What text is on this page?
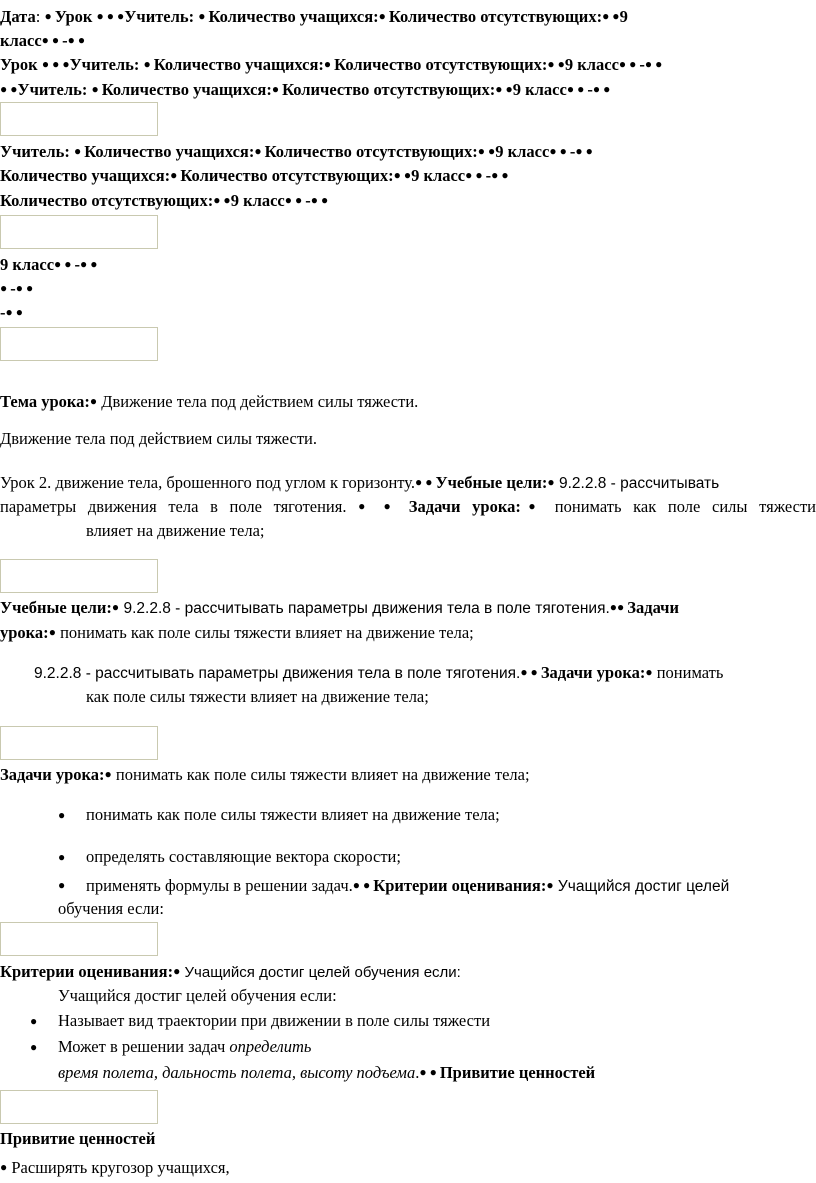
Дата: ● Урок ● ● ●Учитель: ● Количество учащихся:● Количество отсутствующих:● ●9
класс● ● -● ●
Урок ● ● ●Учитель: ● Количество учащихся:● Количество отсутствующих:● ●9 класс● ● -● ●
● ●Учитель: ● Количество учащихся:● Количество отсутствующих:● ●9 класс● ● -● ●
Учитель: ● Количество учащихся:● Количество отсутствующих:● ●9 класс● ● -● ●
Количество учащихся:● Количество отсутствующих:● ●9 класс● ● -● ●
Количество отсутствующих:● ●9 класс● ● -● ●
9 класс● ● -● ●
● -● ●
-● ●
Тема урока:● Движение тела под действием силы тяжести.
Движение тела под действием силы тяжести.
Урок 2. движение тела, брошенного под углом к горизонту.● ● Учебные цели:● 9.2.2.8 - рассчитывать
параметры движения тела в поле тяготения. ● ● Задачи урока:● понимать как поле силы тяжести
влияет на движение тела;
Учебные цели:● 9.2.2.8 - рассчитывать параметры движения тела в поле тяготения.●● Задачи
урока:● понимать как поле силы тяжести влияет на движение тела;
9.2.2.8 - рассчитывать параметры движения тела в поле тяготения.● ● Задачи урока:● понимать
как поле силы тяжести влияет на движение тела;
Задачи урока:● понимать как поле силы тяжести влияет на движение тела;
● понимать как поле силы тяжести влияет на движение тела;
● определять составляющие вектора скорости;
● применять формулы в решении задач.● ● Критерии оценивания:● Учащийся достиг целей
обучения если:
Критерии оценивания:● Учащийся достиг целей обучения если:
Учащийся достиг целей обучения если:
● Называет вид траектории при движении в поле силы тяжести
● Может в решении задач определить
время полета, дальность полета, высоту подъема.● ● Привитие ценностей
Привитие ценностей
● Расширять кругозор учащихся,
